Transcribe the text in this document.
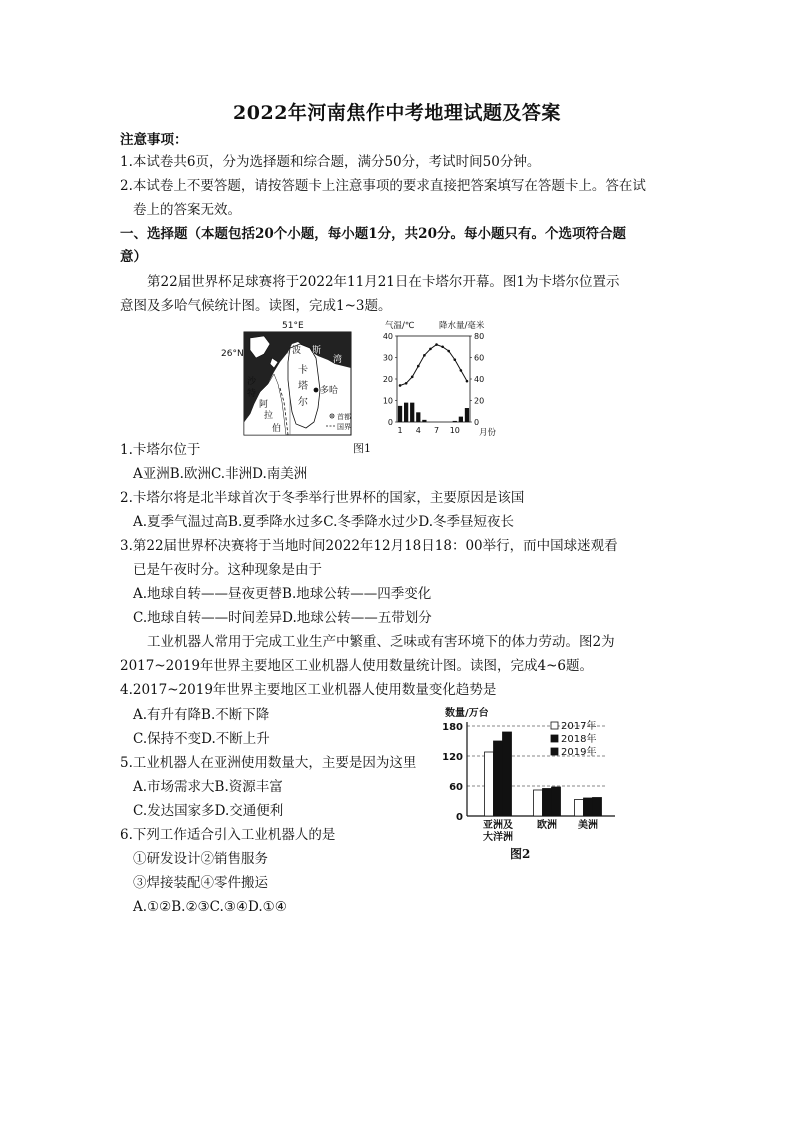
2022年河南焦作中考地理试题及答案
注意事项：
1.本试卷共6页，分为选择题和综合题，满分50分，考试时间50分钟。
2.本试卷上不要答题，请按答题卡上注意事项的要求直接把答案填写在答题卡上。答在试
卷上的答案无效。
一、选择题（本题包括20个小题，每小题1分，共20分。每小题只有。个选项符合题
意）
第22届世界杯足球赛将于2022年11月21日在卡塔尔开幕。图1为卡塔尔位置示
意图及多哈气候统计图。读图，完成1~3题。
51°E
26°N	波 斯
湾
卡
塔
尔
多哈
沙
特
阿
拉
伯
首都
国界
气温/℃	降水量/毫米
0
10
20
30
40
0
20
40
60
80
1 4 7 10 月份
图1
1.卡塔尔位于
A亚洲B.欧洲C.非洲D.南美洲
2.卡塔尔将是北半球首次于冬季举行世界杯的国家，主要原因是该国
A.夏季气温过高B.夏季降水过多C.冬季降水过少D.冬季昼短夜长
3.第22届世界杯决赛将于当地时间2022年12月18日18：00举行，而中国球迷观看
已是午夜时分。这种现象是由于
A.地球自转——昼夜更替B.地球公转——四季变化
C.地球自转——时间差异D.地球公转——五带划分
工业机器人常用于完成工业生产中繁重、乏味或有害环境下的体力劳动。图2为
2017~2019年世界主要地区工业机器人使用数量统计图。读图，完成4~6题。
4.2017~2019年世界主要地区工业机器人使用数量变化趋势是
A.有升有降B.不断下降
C.保持不变D.不断上升
5.工业机器人在亚洲使用数量大，主要是因为这里
A.市场需求大B.资源丰富
C.发达国家多D.交通便利
6.下列工作适合引入工业机器人的是
①研发设计②销售服务
③焊接装配④零件搬运
A.①②B.②③C.③④D.①④
数量/万台
0
60
120
180
亚洲及
大洋洲
欧洲 美洲
2017年
2018年
2019年
图2
